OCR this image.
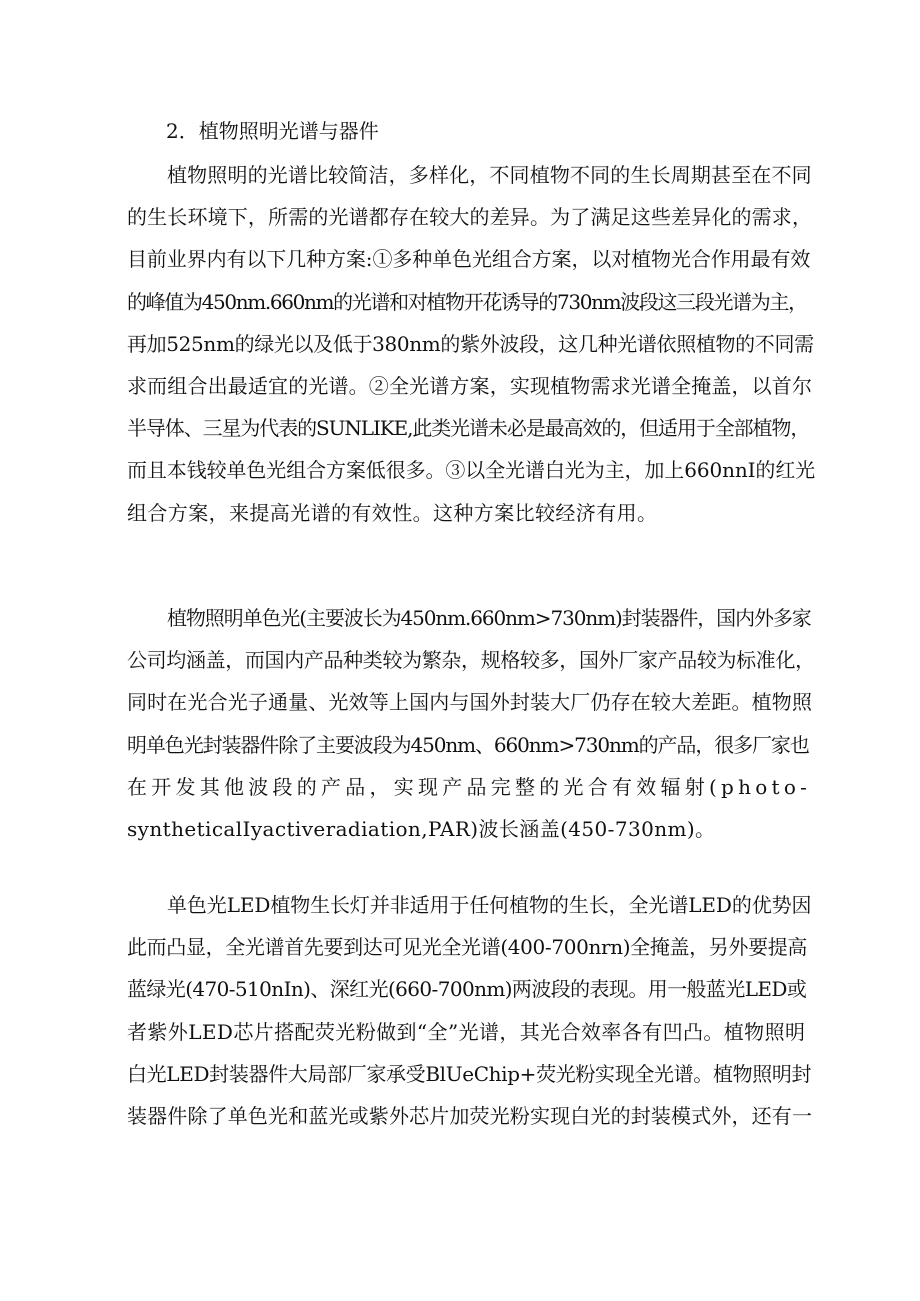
2．植物照明光谱与器件
植物照明的光谱比较简洁，多样化，不同植物不同的生长周期甚至在不同
的生长环境下，所需的光谱都存在较大的差异。为了满足这些差异化的需求，
目前业界内有以下几种方案:①多种单色光组合方案，以对植物光合作用最有效
的峰值为450nm.660nm的光谱和对植物开花诱导的730nm波段这三段光谱为主，
再加525nm的绿光以及低于380nm的紫外波段，这几种光谱依照植物的不同需
求而组合出最适宜的光谱。②全光谱方案，实现植物需求光谱全掩盖，以首尔
半导体、三星为代表的SUNLIKE,此类光谱未必是最高效的，但适用于全部植物，
而且本钱较单色光组合方案低很多。③以全光谱白光为主，加上660nnI的红光
组合方案，来提高光谱的有效性。这种方案比较经济有用。
植物照明单色光(主要波长为450nm.660nm>730nm)封装器件，国内外多家
公司均涵盖，而国内产品种类较为繁杂，规格较多，国外厂家产品较为标准化，
同时在光合光子通量、光效等上国内与国外封装大厂仍存在较大差距。植物照
明单色光封装器件除了主要波段为450nm、660nm>730nm的产品，很多厂家也
在开发其他波段的产品，实现产品完整的光合有效辐射(photo-
syntheticalIyactiveradiation,PAR)波长涵盖(450-730nm)。
单色光LED植物生长灯并非适用于任何植物的生长，全光谱LED的优势因
此而凸显，全光谱首先要到达可见光全光谱(400-700nrn)全掩盖，另外要提高
蓝绿光(470-510nIn)、深红光(660-700nm)两波段的表现。用一般蓝光LED或
者紫外LED芯片搭配荧光粉做到“全”光谱，其光合效率各有凹凸。植物照明
白光LED封装器件大局部厂家承受BlUeChip+荧光粉实现全光谱。植物照明封
装器件除了单色光和蓝光或紫外芯片加荧光粉实现白光的封装模式外，还有一
